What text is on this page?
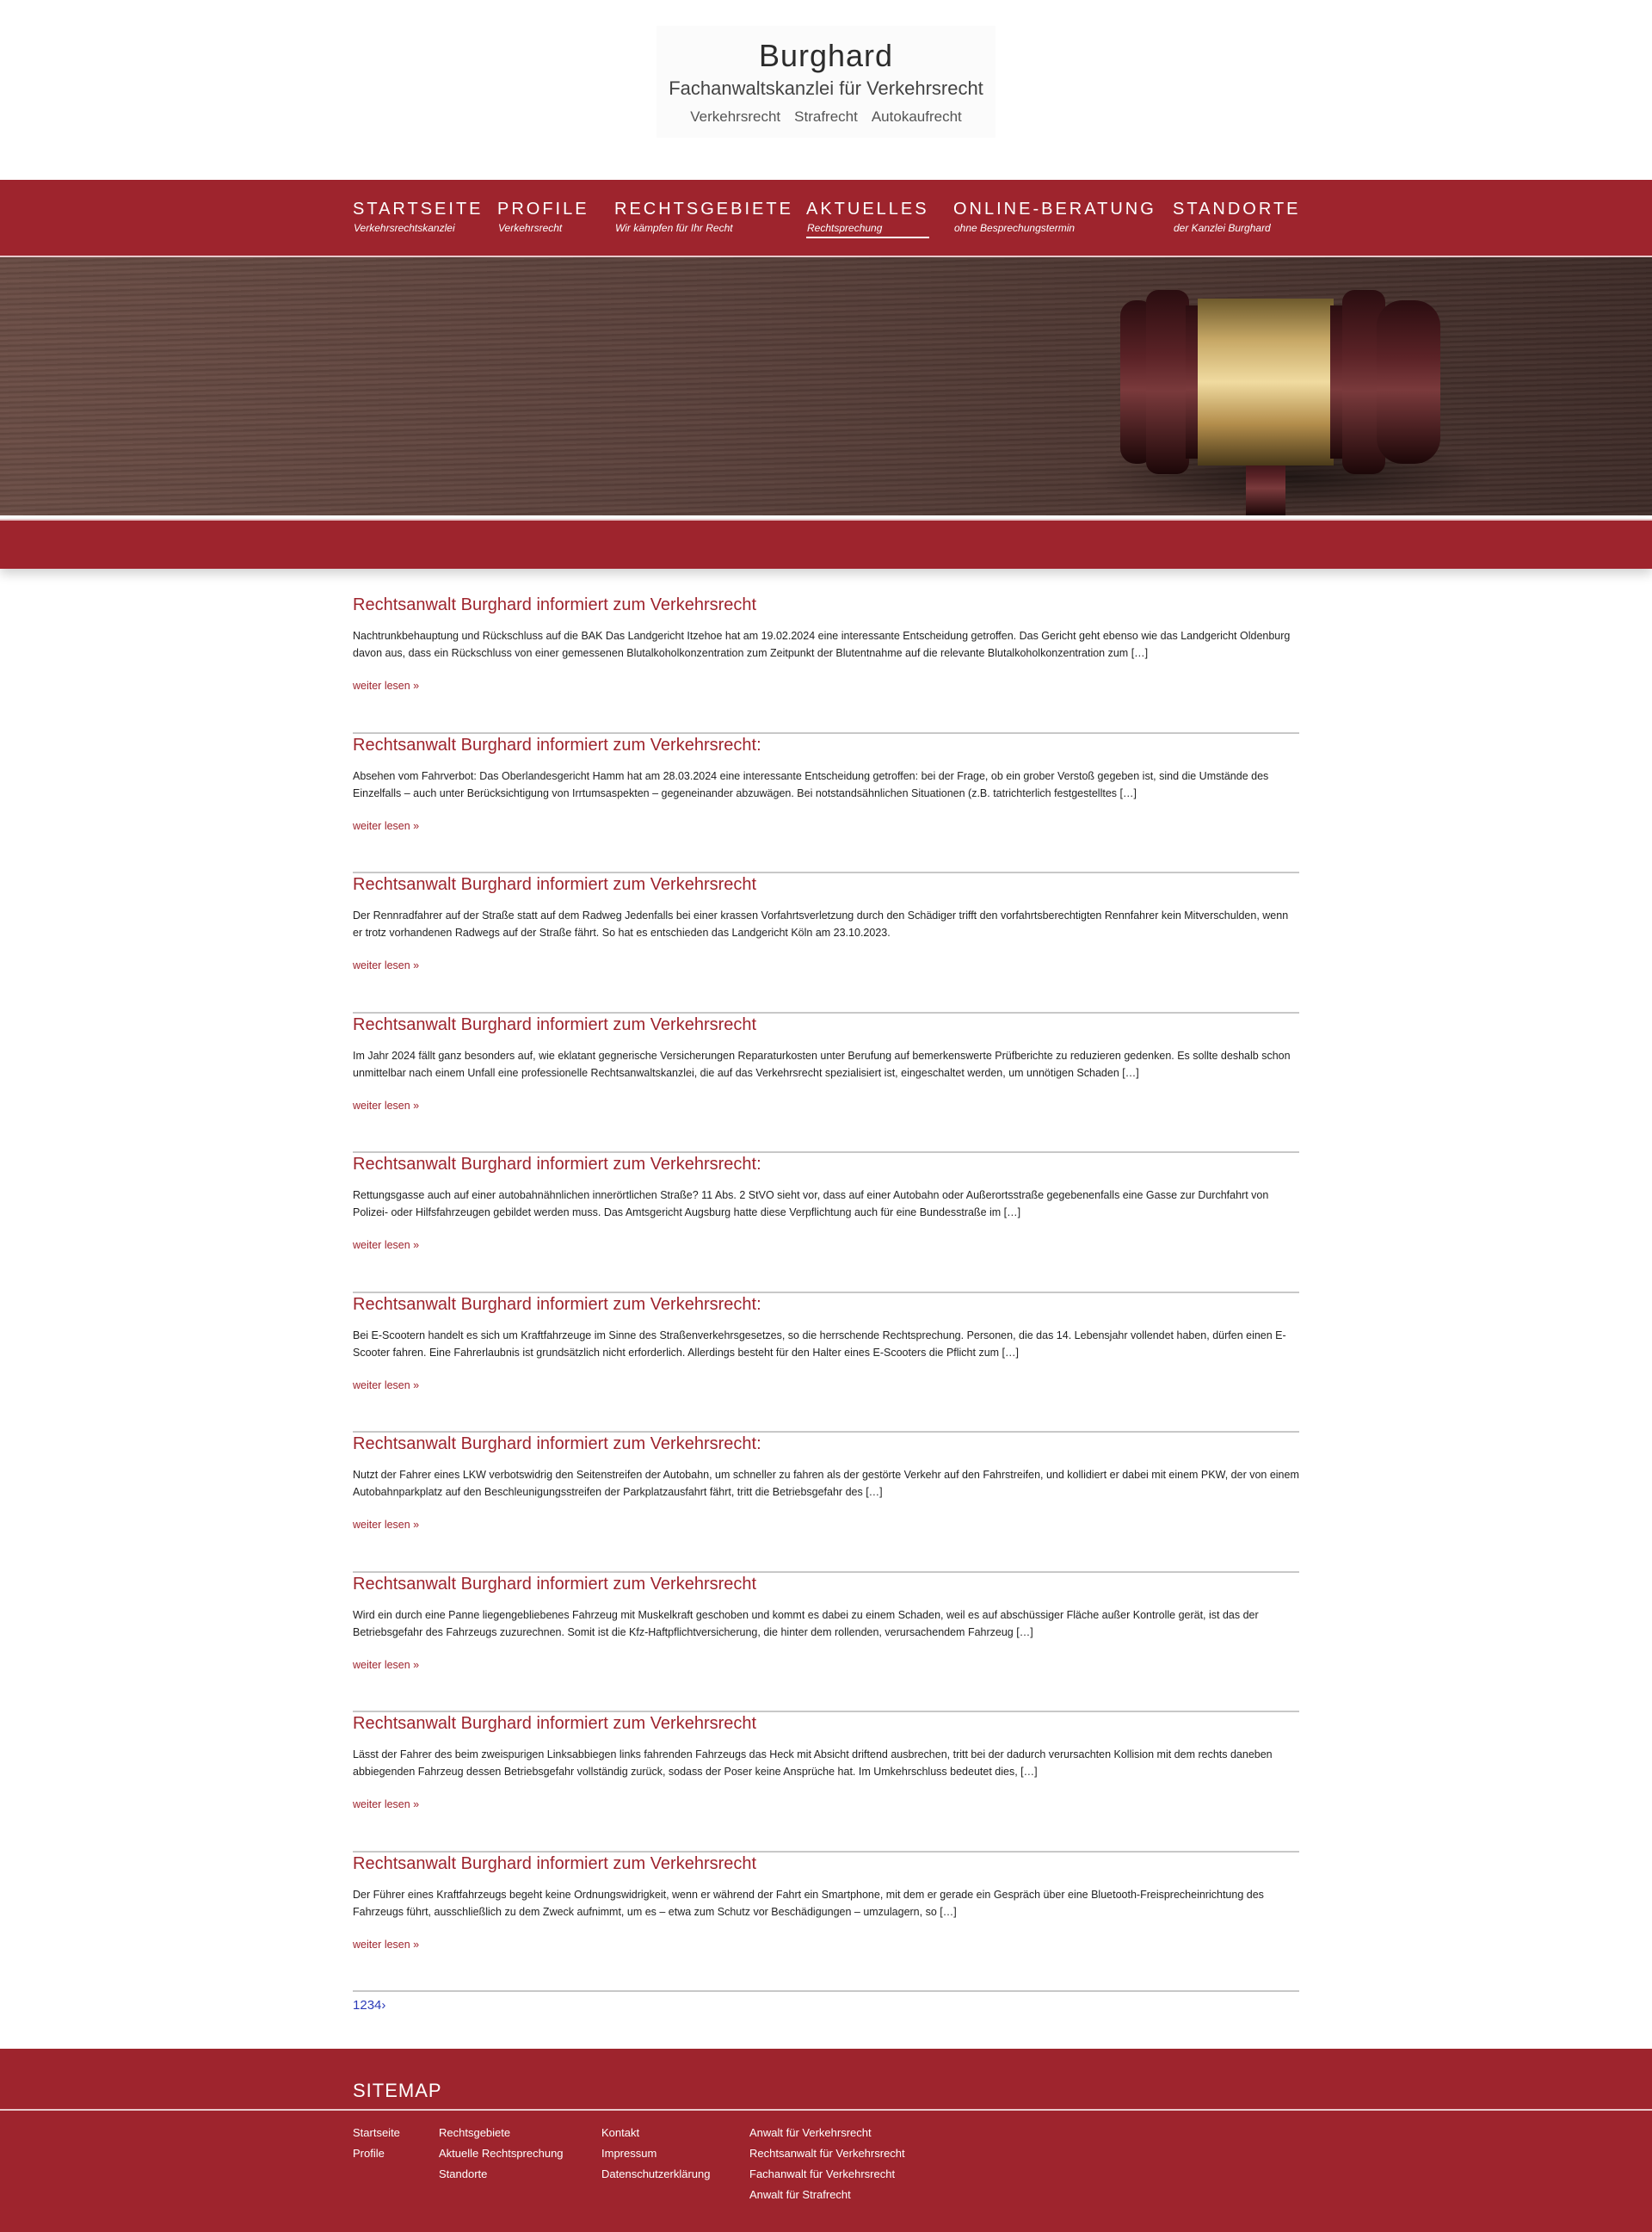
Burghard
Fachanwaltskanzlei für Verkehrsrecht
Verkehrsrecht Strafrecht Autokaufrecht
STARTSEITE
Verkehrsrechtskanzlei
PROFILE
Verkehrsrecht
RECHTSGEBIETE
Wir kämpfen für Ihr Recht
AKTUELLES
Rechtsprechung
ONLINE-BERATUNG
ohne Besprechungstermin
STANDORTE
der Kanzlei Burghard
Rechtsanwalt Burghard informiert zum Verkehrsrecht

Nachtrunkbehauptung und Rückschluss auf die BAK Das Landgericht Itzehoe hat am 19.02.2024 eine interessante Entscheidung getroffen. Das Gericht geht ebenso wie das Landgericht Oldenburg davon aus, dass ein Rückschluss von einer gemessenen Blutalkoholkonzentration zum Zeitpunkt der Blutentnahme auf die relevante Blutalkoholkonzentration zum […]

weiter lesen »
Rechtsanwalt Burghard informiert zum Verkehrsrecht:

Absehen vom Fahrverbot: Das Oberlandesgericht Hamm hat am 28.03.2024 eine interessante Entscheidung getroffen: bei der Frage, ob ein grober Verstoß gegeben ist, sind die Umstände des Einzelfalls – auch unter Berücksichtigung von Irrtumsaspekten – gegeneinander abzuwägen. Bei notstandsähnlichen Situationen (z.B. tatrichterlich festgestelltes […]

weiter lesen »
Rechtsanwalt Burghard informiert zum Verkehrsrecht

Der Rennradfahrer auf der Straße statt auf dem Radweg Jedenfalls bei einer krassen Vorfahrtsverletzung durch den Schädiger trifft den vorfahrtsberechtigten Rennfahrer kein Mitverschulden, wenn er trotz vorhandenen Radwegs auf der Straße fährt. So hat es entschieden das Landgericht Köln am 23.10.2023.

weiter lesen »
Rechtsanwalt Burghard informiert zum Verkehrsrecht

Im Jahr 2024 fällt ganz besonders auf, wie eklatant gegnerische Versicherungen Reparaturkosten unter Berufung auf bemerkenswerte Prüfberichte zu reduzieren gedenken. Es sollte deshalb schon unmittelbar nach einem Unfall eine professionelle Rechtsanwaltskanzlei, die auf das Verkehrsrecht spezialisiert ist, eingeschaltet werden, um unnötigen Schaden […]

weiter lesen »
Rechtsanwalt Burghard informiert zum Verkehrsrecht:

Rettungsgasse auch auf einer autobahnähnlichen innerörtlichen Straße? 11 Abs. 2 StVO sieht vor, dass auf einer Autobahn oder Außerortsstraße gegebenenfalls eine Gasse zur Durchfahrt von Polizei- oder Hilfsfahrzeugen gebildet werden muss. Das Amtsgericht Augsburg hatte diese Verpflichtung auch für eine Bundesstraße im […]

weiter lesen »
Rechtsanwalt Burghard informiert zum Verkehrsrecht:

Bei E-Scootern handelt es sich um Kraftfahrzeuge im Sinne des Straßenverkehrsgesetzes, so die herrschende Rechtsprechung. Personen, die das 14. Lebensjahr vollendet haben, dürfen einen E-Scooter fahren. Eine Fahrerlaubnis ist grundsätzlich nicht erforderlich. Allerdings besteht für den Halter eines E-Scooters die Pflicht zum […]

weiter lesen »
Rechtsanwalt Burghard informiert zum Verkehrsrecht:

Nutzt der Fahrer eines LKW verbotswidrig den Seitenstreifen der Autobahn, um schneller zu fahren als der gestörte Verkehr auf den Fahrstreifen, und kollidiert er dabei mit einem PKW, der von einem Autobahnparkplatz auf den Beschleunigungsstreifen der Parkplatzausfahrt fährt, tritt die Betriebsgefahr des […]

weiter lesen »
Rechtsanwalt Burghard informiert zum Verkehrsrecht

Wird ein durch eine Panne liegengebliebenes Fahrzeug mit Muskelkraft geschoben und kommt es dabei zu einem Schaden, weil es auf abschüssiger Fläche außer Kontrolle gerät, ist das der Betriebsgefahr des Fahrzeugs zuzurechnen. Somit ist die Kfz-Haftpflichtversicherung, die hinter dem rollenden, verursachendem Fahrzeug […]

weiter lesen »
Rechtsanwalt Burghard informiert zum Verkehrsrecht

Lässt der Fahrer des beim zweispurigen Linksabbiegen links fahrenden Fahrzeugs das Heck mit Absicht driftend ausbrechen, tritt bei der dadurch verursachten Kollision mit dem rechts daneben abbiegenden Fahrzeug dessen Betriebsgefahr vollständig zurück, sodass der Poser keine Ansprüche hat. Im Umkehrschluss bedeutet dies, […]

weiter lesen »
Rechtsanwalt Burghard informiert zum Verkehrsrecht

Der Führer eines Kraftfahrzeugs begeht keine Ordnungswidrigkeit, wenn er während der Fahrt ein Smartphone, mit dem er gerade ein Gespräch über eine Bluetooth-Freisprecheinrichtung des Fahrzeugs führt, ausschließlich zu dem Zweck aufnimmt, um es – etwa zum Schutz vor Beschädigungen – umzulagern, so […]

weiter lesen »
1234›
SITEMAP
Startseite
Profile
Rechtsgebiete
Aktuelle Rechtsprechung
Standorte
Kontakt
Impressum
Datenschutzerklärung
Anwalt für Verkehrsrecht
Rechtsanwalt für Verkehrsrecht
Fachanwalt für Verkehrsrecht
Anwalt für Strafrecht
